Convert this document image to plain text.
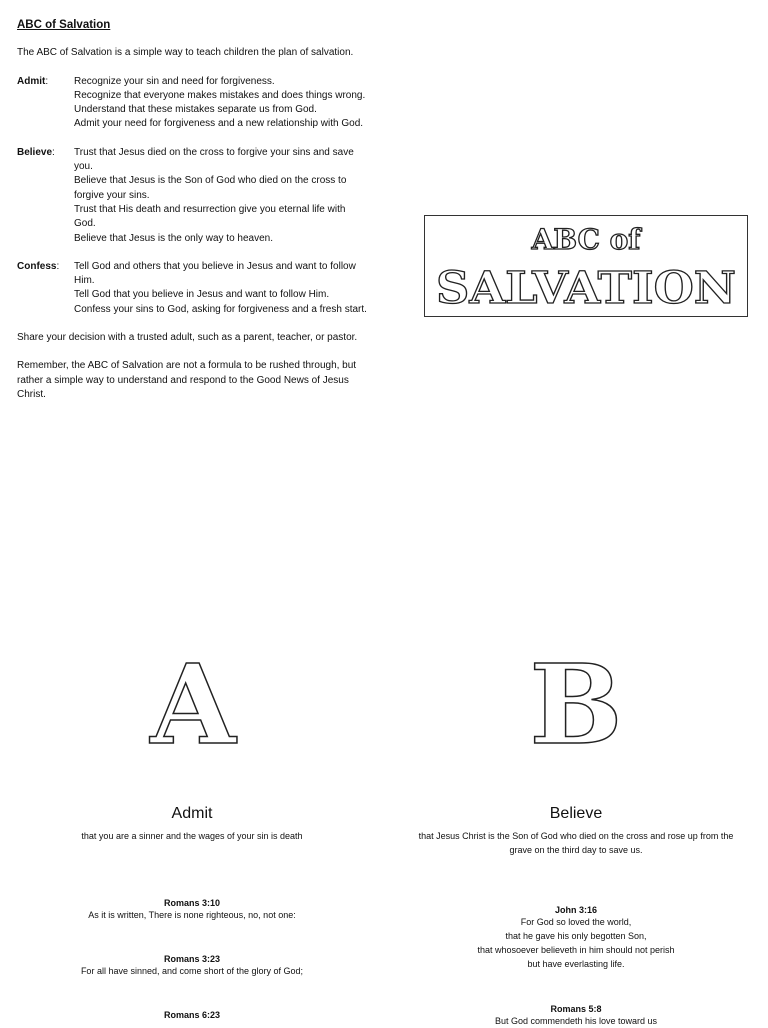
ABC of Salvation
The ABC of Salvation is a simple way to teach children the plan of salvation.
Admit:	Recognize your sin and need for forgiveness.
Recognize that everyone makes mistakes and does things wrong.
Understand that these mistakes separate us from God.
Admit your need for forgiveness and a new relationship with God.
Believe:	Trust that Jesus died on the cross to forgive your sins and save you.
Believe that Jesus is the Son of God who died on the cross to forgive your sins.
Trust that His death and resurrection give you eternal life with God.
Believe that Jesus is the only way to heaven.
Confess:	Tell God and others that you believe in Jesus and want to follow Him.
Tell God that you believe in Jesus and want to follow Him.
Confess your sins to God, asking for forgiveness and a fresh start.
Share your decision with a trusted adult, such as a parent, teacher, or pastor.
Remember, the ABC of Salvation are not a formula to be rushed through, but rather a simple way to understand and respond to the Good News of Jesus Christ.
ABC of
SALVATION
A	B
Admit
that you are a sinner and the wages of your sin is death
Romans 3:10
As it is written, There is none righteous, no, not one:
Romans 3:23
For all have sinned, and come short of the glory of God;
Romans 6:23
Believe
that Jesus Christ is the Son of God who died on the cross and rose up from the
grave on the third day to save us.
John 3:16
For God so loved the world,
that he gave his only begotten Son,
that whosoever believeth in him should not perish
but have everlasting life.
Romans 5:8
But God commendeth his love toward us
